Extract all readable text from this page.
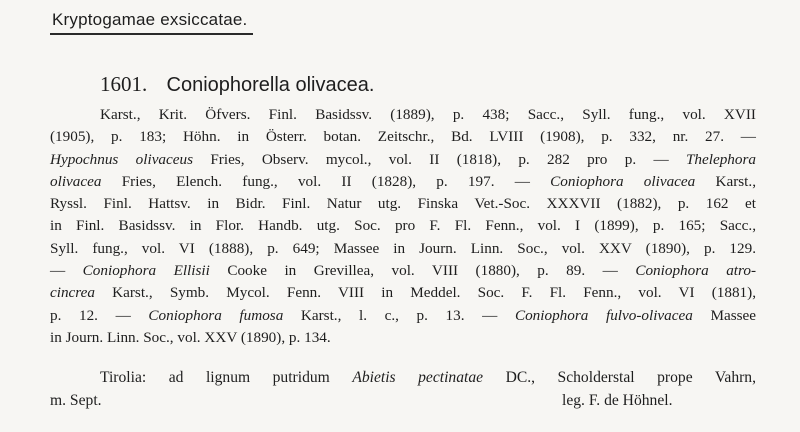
Kryptogamae exsiccatae.
1601. Coniophorella olivacea.
Karst., Krit. Öfvers. Finl. Basidssv. (1889), p. 438; Sacc., Syll. fung., vol. XVII
(1905), p. 183; Höhn. in Österr. botan. Zeitschr., Bd. LVIII (1908), p. 332, nr. 27. —
Hypochnus olivaceus Fries, Observ. mycol., vol. II (1818), p. 282 pro p. — Thelephora
olivacea Fries, Elench. fung., vol. II (1828), p. 197. — Coniophora olivacea Karst.,
Ryssl. Finl. Hattsv. in Bidr. Finl. Natur utg. Finska Vet.-Soc. XXXVII (1882), p. 162 et
in Finl. Basidssv. in Flor. Handb. utg. Soc. pro F. Fl. Fenn., vol. I (1899), p. 165; Sacc.,
Syll. fung., vol. VI (1888), p. 649; Massee in Journ. Linn. Soc., vol. XXV (1890), p. 129.
— Coniophora Ellisii Cooke in Grevillea, vol. VIII (1880), p. 89. — Coniophora atro-
cincrea Karst., Symb. Mycol. Fenn. VIII in Meddel. Soc. F. Fl. Fenn., vol. VI (1881),
p. 12. — Coniophora fumosa Karst., l. c., p. 13. — Coniophora fulvo-olivacea Massee
in Journ. Linn. Soc., vol. XXV (1890), p. 134.
Tirolia: ad lignum putridum Abietis pectinatae DC., Scholderstal prope Vahrn,
m. Sept.	leg. F. de Höhnel.
